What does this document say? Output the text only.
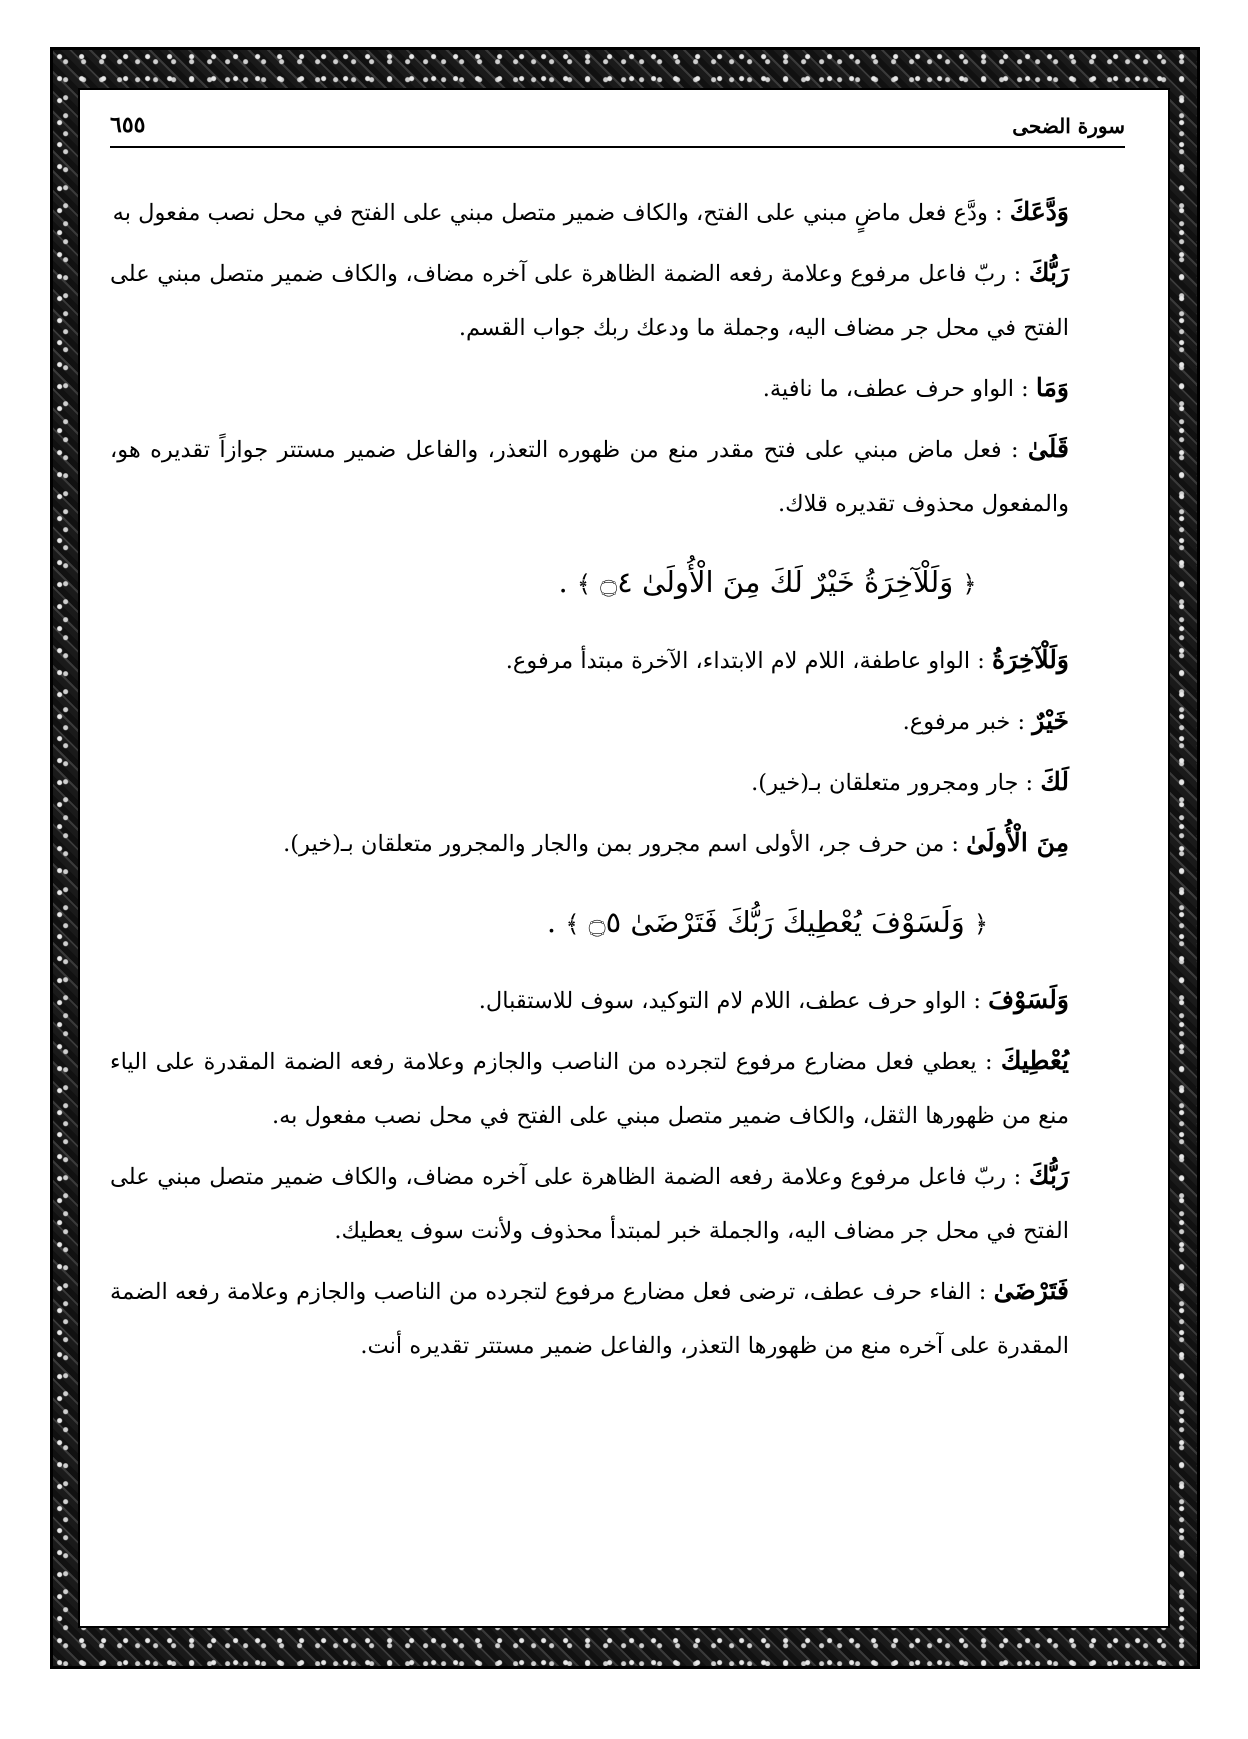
سورة الضحى
٦٥٥

وَدَّعَكَ : ودَّع فعل ماضٍ مبني على الفتح، والكاف ضمير متصل مبني على الفتح في محل نصب مفعول به

رَبُّكَ : ربّ فاعل مرفوع وعلامة رفعه الضمة الظاهرة على آخره مضاف، والكاف ضمير متصل مبني على الفتح في محل جر مضاف اليه، وجملة ما ودعك ربك جواب القسم.

وَمَا : الواو حرف عطف، ما نافية.

قَلَىٰ : فعل ماض مبني على فتح مقدر منع من ظهوره التعذر، والفاعل ضمير مستتر جوازاً تقديره هو، والمفعول محذوف تقديره قلاك.

﴿ وَلَلْآخِرَةُ خَيْرٌ لَكَ مِنَ الْأُولَىٰ ۝٤ ﴾ .

وَلَلْآخِرَةُ : الواو عاطفة، اللام لام الابتداء، الآخرة مبتدأ مرفوع.

خَيْرٌ : خبر مرفوع.

لَكَ : جار ومجرور متعلقان بـ(خير).

مِنَ الْأُولَىٰ : من حرف جر، الأولى اسم مجرور بمن والجار والمجرور متعلقان بـ(خير).

﴿ وَلَسَوْفَ يُعْطِيكَ رَبُّكَ فَتَرْضَىٰ ۝٥ ﴾ .

وَلَسَوْفَ : الواو حرف عطف، اللام لام التوكيد، سوف للاستقبال.

يُعْطِيكَ : يعطي فعل مضارع مرفوع لتجرده من الناصب والجازم وعلامة رفعه الضمة المقدرة على الياء منع من ظهورها الثقل، والكاف ضمير متصل مبني على الفتح في محل نصب مفعول به.

رَبُّكَ : ربّ فاعل مرفوع وعلامة رفعه الضمة الظاهرة على آخره مضاف، والكاف ضمير متصل مبني على الفتح في محل جر مضاف اليه، والجملة خبر لمبتدأ محذوف ولأنت سوف يعطيك.

فَتَرْضَىٰ : الفاء حرف عطف، ترضى فعل مضارع مرفوع لتجرده من الناصب والجازم وعلامة رفعه الضمة المقدرة على آخره منع من ظهورها التعذر، والفاعل ضمير مستتر تقديره أنت.
